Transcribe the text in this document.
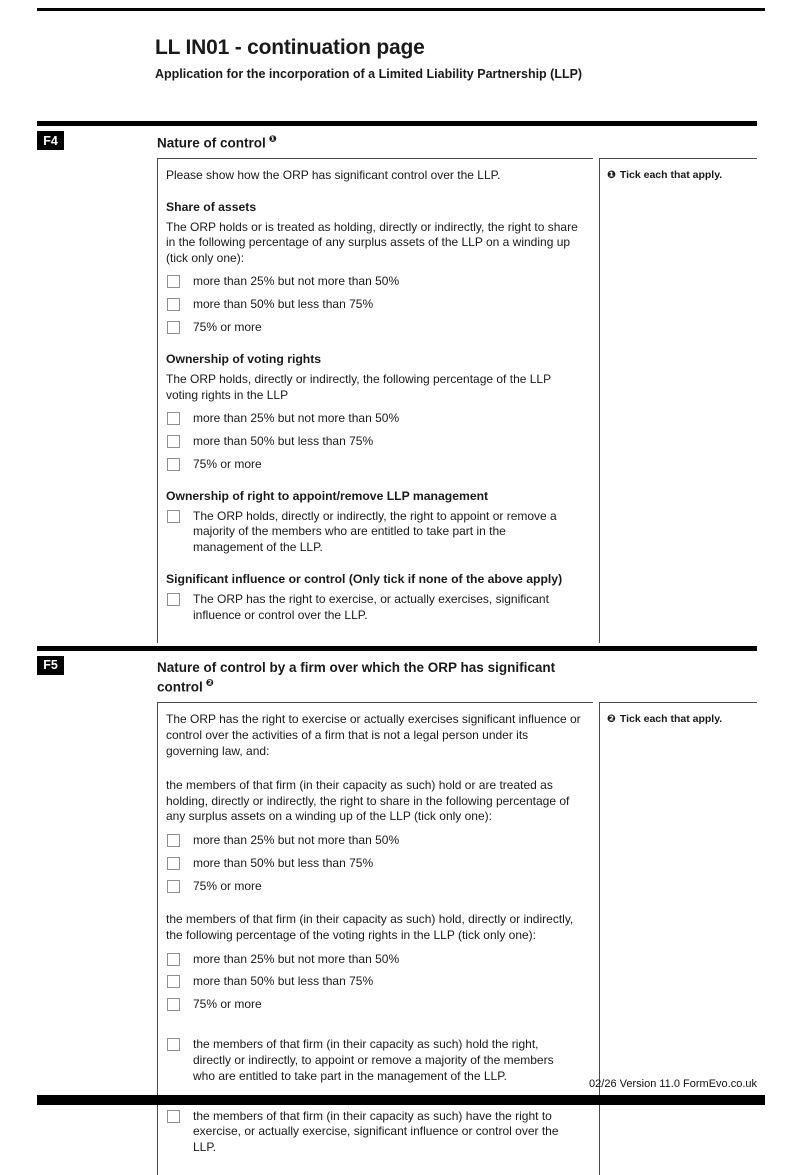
LL IN01 - continuation page
Application for the incorporation of a Limited Liability Partnership (LLP)
F4	Nature of control $^❶$

Please show how the ORP has significant control over the LLP.

Share of assets

The ORP holds or is treated as holding, directly or indirectly, the right to share in the following percentage of any surplus assets of the LLP on a winding up (tick only one):

more than 25% but not more than 50%
more than 50% but less than 75%
75% or more
Ownership of voting rights

The ORP holds, directly or indirectly, the following percentage of the LLP voting rights in the LLP

more than 25% but not more than 50%
more than 50% but less than 75%
75% or more
Ownership of right to appoint/remove LLP management
The ORP holds, directly or indirectly, the right to appoint or remove a majority of the members who are entitled to take part in the management of the LLP.
Significant influence or control (Only tick if none of the above apply)
The ORP has the right to exercise, or actually exercises, significant influence or control over the LLP.
❶ Tick each that apply.
F5	Nature of control by a firm over which the ORP has significant control $^❷$

The ORP has the right to exercise or actually exercises significant influence or control over the activities of a firm that is not a legal person under its governing law, and:

the members of that firm (in their capacity as such) hold or are treated as holding, directly or indirectly, the right to share in the following percentage of any surplus assets on a winding up of the LLP (tick only one):

more than 25% but not more than 50%
more than 50% but less than 75%
75% or more

the members of that firm (in their capacity as such) hold, directly or indirectly, the following percentage of the voting rights in the LLP (tick only one):

more than 25% but not more than 50%
more than 50% but less than 75%
75% or more
the members of that firm (in their capacity as such) hold the right, directly or indirectly, to appoint or remove a majority of the members who are entitled to take part in the management of the LLP.
the members of that firm (in their capacity as such) have the right to exercise, or actually exercise, significant influence or control over the LLP.
❷ Tick each that apply.
02/26 Version 11.0 FormEvo.co.uk
